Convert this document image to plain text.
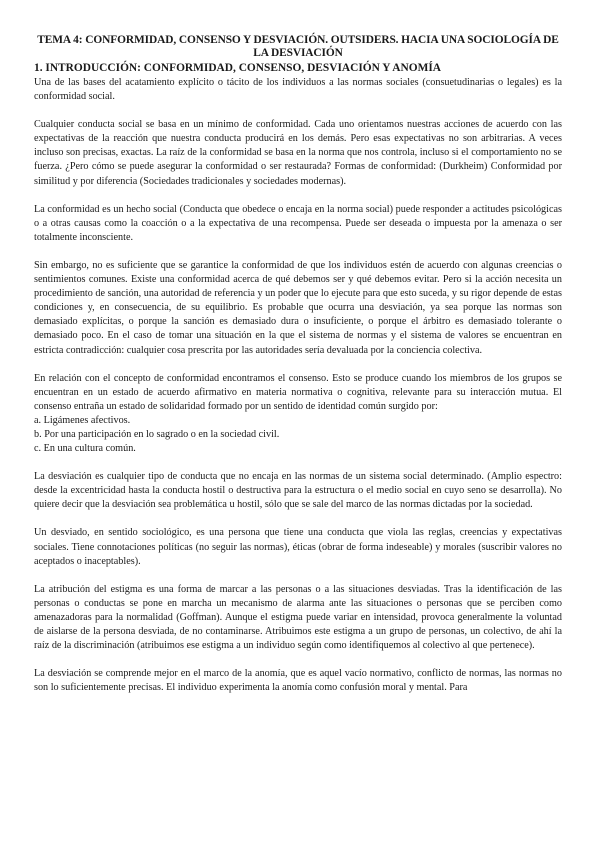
TEMA 4: CONFORMIDAD, CONSENSO Y DESVIACIÓN. OUTSIDERS. HACIA UNA SOCIOLOGÍA DE LA DESVIACIÓN
1. INTRODUCCIÓN: CONFORMIDAD, CONSENSO, DESVIACIÓN Y ANOMÍA

Una de las bases del acatamiento explícito o tácito de los individuos a las normas sociales (consuetudinarias o legales) es la conformidad social.

Cualquier conducta social se basa en un mínimo de conformidad. Cada uno orientamos nuestras acciones de acuerdo con las expectativas de la reacción que nuestra conducta producirá en los demás. Pero esas expectativas no son arbitrarias. A veces incluso son precisas, exactas. La raíz de la conformidad se basa en la norma que nos controla, incluso si el comportamiento no se fuerza. ¿Pero cómo se puede asegurar la conformidad o ser restaurada? Formas de conformidad: (Durkheim) Conformidad por similitud y por diferencia (Sociedades tradicionales y sociedades modernas).

La conformidad es un hecho social (Conducta que obedece o encaja en la norma social) puede responder a actitudes psicológicas o a otras causas como la coacción o a la expectativa de una recompensa. Puede ser deseada o impuesta por la amenaza o ser totalmente inconsciente.

Sin embargo, no es suficiente que se garantice la conformidad de que los individuos estén de acuerdo con algunas creencias o sentimientos comunes. Existe una conformidad acerca de qué debemos ser y qué debemos evitar. Pero si la acción necesita un procedimiento de sanción, una autoridad de referencia y un poder que lo ejecute para que esto suceda, y su rigor depende de estas condiciones y, en consecuencia, de su equilibrio. Es probable que ocurra una desviación, ya sea porque las normas son demasiado explícitas, o porque la sanción es demasiado dura o insuficiente, o porque el árbitro es demasiado tolerante o demasiado poco. En el caso de tomar una situación en la que el sistema de normas y el sistema de valores se encuentran en estricta contradicción: cualquier cosa prescrita por las autoridades sería devaluada por la conciencia colectiva.

En relación con el concepto de conformidad encontramos el consenso. Esto se produce cuando los miembros de los grupos se encuentran en un estado de acuerdo afirmativo en materia normativa o cognitiva, relevante para su interacción mutua. El consenso entraña un estado de solidaridad formado por un sentido de identidad común surgido por:

a. Ligámenes afectivos.
b. Por una participación en lo sagrado o en la sociedad civil.
c. En una cultura común.

La desviación es cualquier tipo de conducta que no encaja en las normas de un sistema social determinado. (Amplio espectro: desde la excentricidad hasta la conducta hostil o destructiva para la estructura o el medio social en cuyo seno se desarrolla). No quiere decir que la desviación sea problemática u hostil, sólo que se sale del marco de las normas dictadas por la sociedad.

Un desviado, en sentido sociológico, es una persona que tiene una conducta que viola las reglas, creencias y expectativas sociales. Tiene connotaciones políticas (no seguir las normas), éticas (obrar de forma indeseable) y morales (suscribir valores no aceptados o inaceptables).

La atribución del estigma es una forma de marcar a las personas o a las situaciones desviadas. Tras la identificación de las personas o conductas se pone en marcha un mecanismo de alarma ante las situaciones o personas que se perciben como amenazadoras para la normalidad (Goffman). Aunque el estigma puede variar en intensidad, provoca generalmente la voluntad de aislarse de la persona desviada, de no contaminarse. Atribuimos este estigma a un grupo de personas, un colectivo, de ahí la raíz de la discriminación (atribuimos ese estigma a un individuo según como identifiquemos al colectivo al que pertenece).

La desviación se comprende mejor en el marco de la anomía, que es aquel vacío normativo, conflicto de normas, las normas no son lo suficientemente precisas. El individuo experimenta la anomía como confusión moral y mental. Para
